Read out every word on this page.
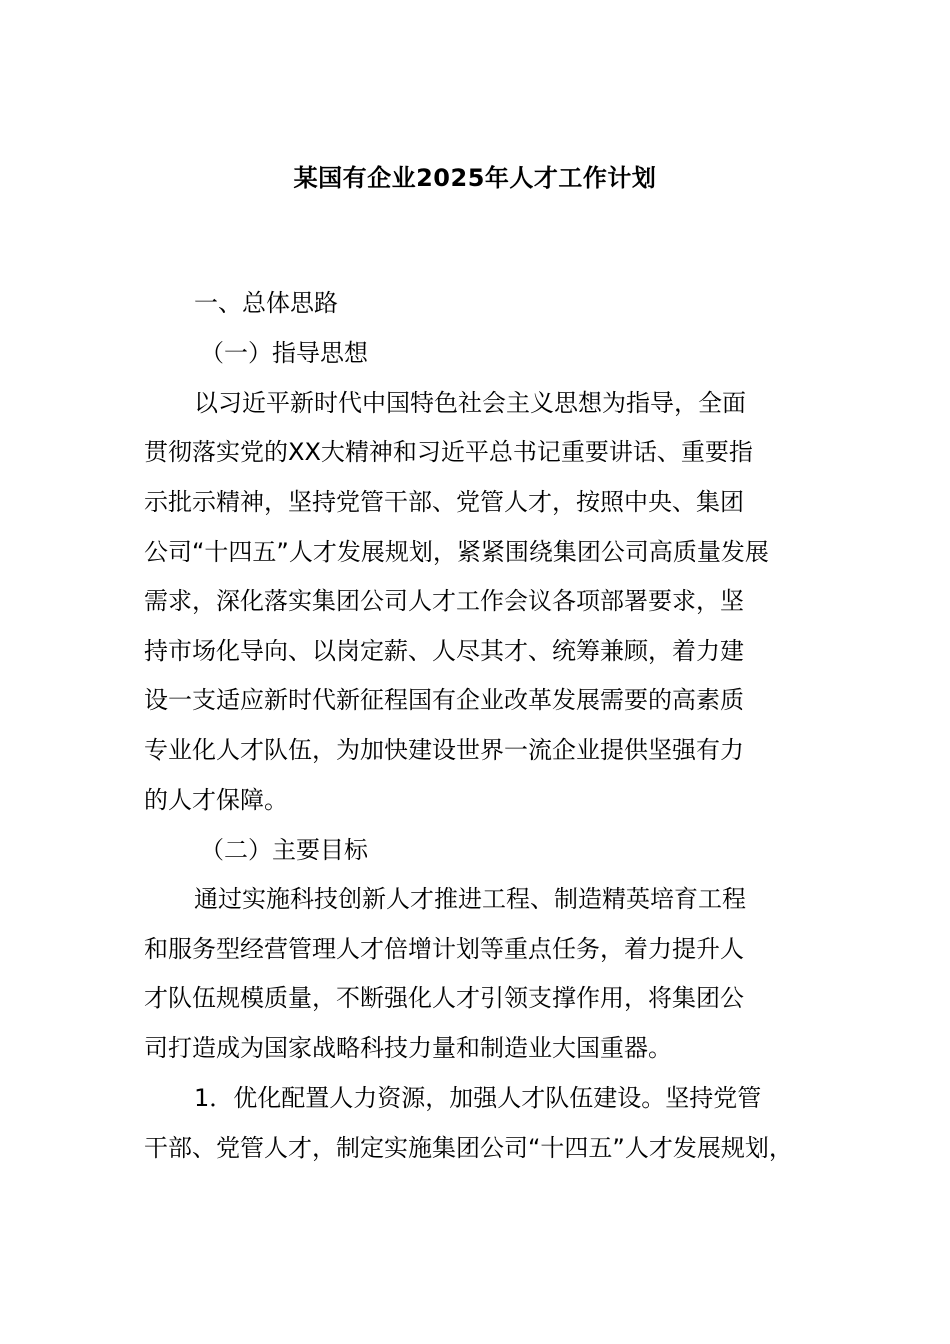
某国有企业2025年人才工作计划
一、总体思路
（一）指导思想
以习近平新时代中国特色社会主义思想为指导，全面
贯彻落实党的XX大精神和习近平总书记重要讲话、重要指
示批示精神，坚持党管干部、党管人才，按照中央、集团
公司“十四五”人才发展规划，紧紧围绕集团公司高质量发展
需求，深化落实集团公司人才工作会议各项部署要求，坚
持市场化导向、以岗定薪、人尽其才、统筹兼顾，着力建
设一支适应新时代新征程国有企业改革发展需要的高素质
专业化人才队伍，为加快建设世界一流企业提供坚强有力
的人才保障。
（二）主要目标
通过实施科技创新人才推进工程、制造精英培育工程
和服务型经营管理人才倍增计划等重点任务，着力提升人
才队伍规模质量，不断强化人才引领支撑作用，将集团公
司打造成为国家战略科技力量和制造业大国重器。
1．优化配置人力资源，加强人才队伍建设。坚持党管
干部、党管人才，制定实施集团公司“十四五”人才发展规划，
